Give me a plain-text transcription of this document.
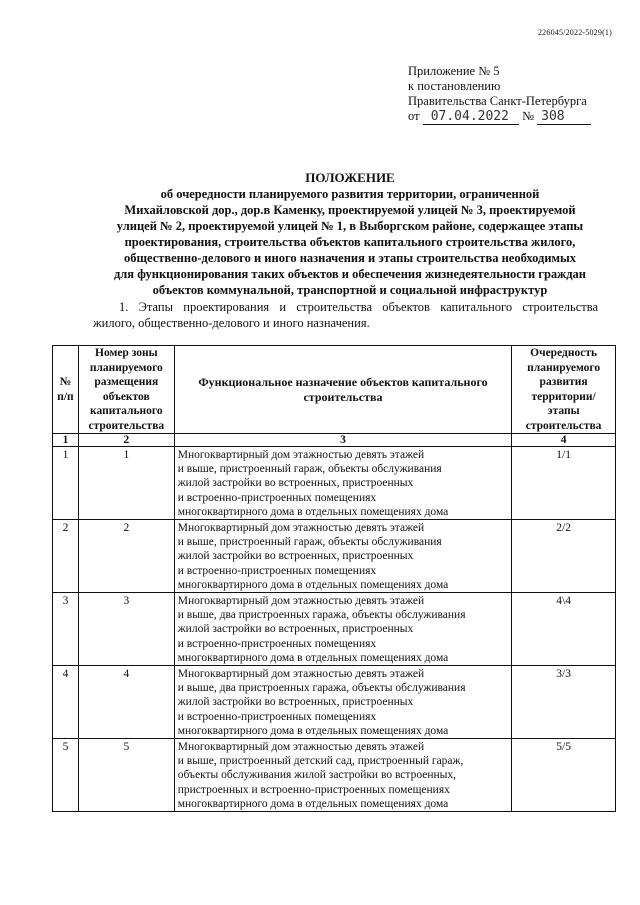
226045/2022-5029(1)
Приложение № 5
к постановлению
Правительства Санкт-Петербурга
от 07.04.2022 № 308
ПОЛОЖЕНИЕ
об очередности планируемого развития территории, ограниченной
Михайловской дор., дор.в Каменку, проектируемой улицей № 3, проектируемой
улицей № 2, проектируемой улицей № 1, в Выборгском районе, содержащее этапы
проектирования, строительства объектов капитального строительства жилого,
общественно-делового и иного назначения и этапы строительства необходимых
для функционирования таких объектов и обеспечения жизнедеятельности граждан
объектов коммунальной, транспортной и социальной инфраструктур
1. Этапы проектирования и строительства объектов капитального строительства
жилого, общественно-делового и иного назначения.
№ п/п	Номер зоны планируемого размещения объектов капитального строительства	Функциональное назначение объектов капитального строительства	Очередность планируемого развития территории/ этапы строительства
1	2	3	4
1	1	Многоквартирный дом этажностью девять этажей
и выше, пристроенный гараж, объекты обслуживания
жилой застройки во встроенных, пристроенных
и встроенно-пристроенных помещениях
многоквартирного дома в отдельных помещениях дома	1/1
2	2	Многоквартирный дом этажностью девять этажей
и выше, пристроенный гараж, объекты обслуживания
жилой застройки во встроенных, пристроенных
и встроенно-пристроенных помещениях
многоквартирного дома в отдельных помещениях дома	2/2
3	3	Многоквартирный дом этажностью девять этажей
и выше, два пристроенных гаража, объекты обслуживания
жилой застройки во встроенных, пристроенных
и встроенно-пристроенных помещениях
многоквартирного дома в отдельных помещениях дома	4\4
4	4	Многоквартирный дом этажностью девять этажей
и выше, два пристроенных гаража, объекты обслуживания
жилой застройки во встроенных, пристроенных
и встроенно-пристроенных помещениях
многоквартирного дома в отдельных помещениях дома	3/3
5	5	Многоквартирный дом этажностью девять этажей
и выше, пристроенный детский сад, пристроенный гараж,
объекты обслуживания жилой застройки во встроенных,
пристроенных и встроенно-пристроенных помещениях
многоквартирного дома в отдельных помещениях дома	5/5
